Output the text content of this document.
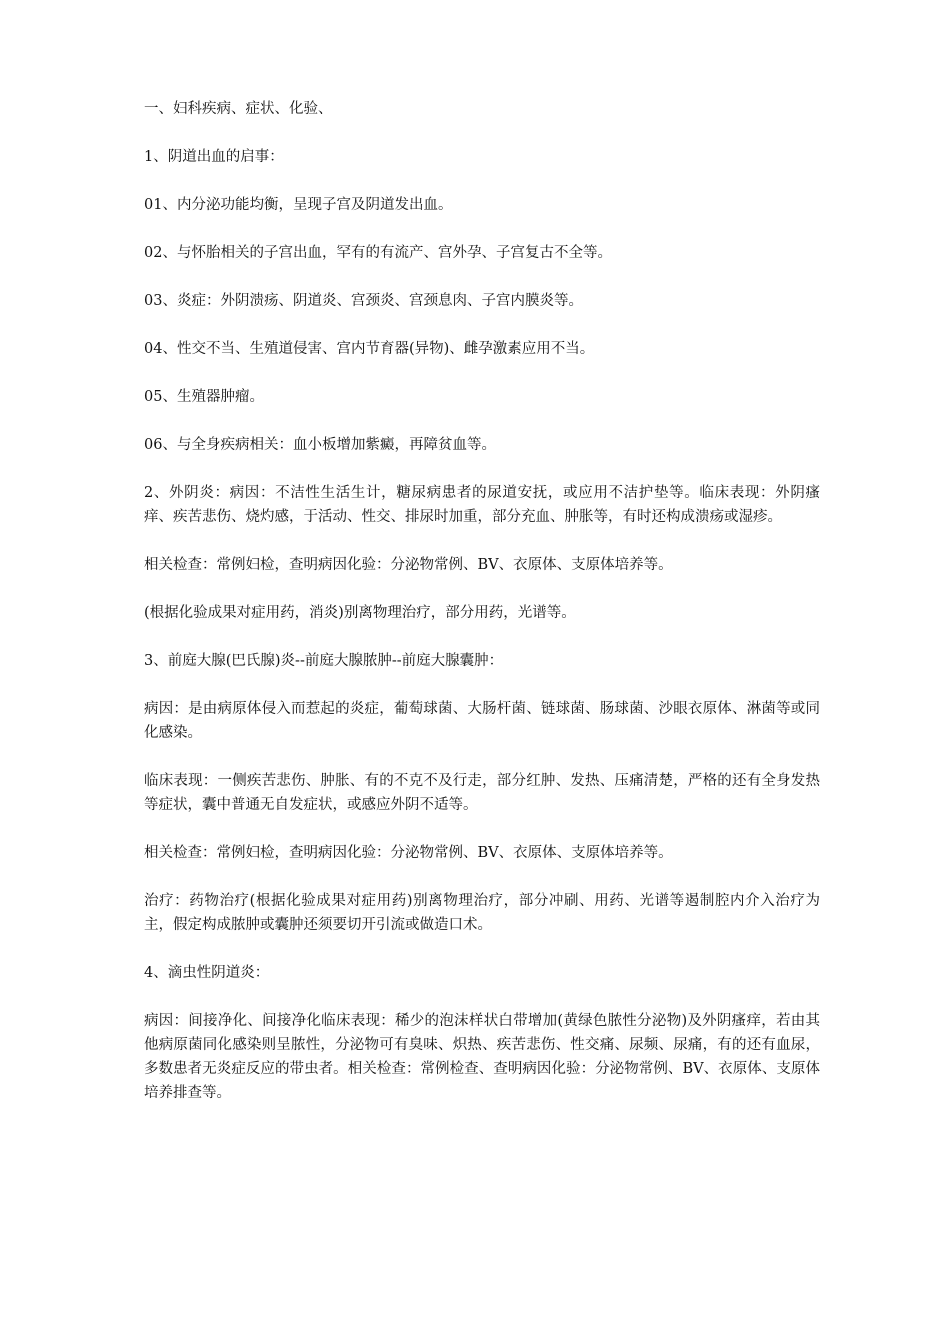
一、妇科疾病、症状、化验、

1、阴道出血的启事：

01、内分泌功能均衡，呈现子宫及阴道发出血。

02、与怀胎相关的子宫出血，罕有的有流产、宫外孕、子宫复古不全等。

03、炎症：外阴溃疡、阴道炎、宫颈炎、宫颈息肉、子宫内膜炎等。

04、性交不当、生殖道侵害、宫内节育器(异物)、雌孕激素应用不当。

05、生殖器肿瘤。

06、与全身疾病相关：血小板增加紫癜，再障贫血等。

2、外阴炎：病因：不洁性生活生计，糖尿病患者的尿道安抚，或应用不洁护垫等。临床表现：外阴瘙痒、疾苦悲伤、烧灼感，于活动、性交、排尿时加重，部分充血、肿胀等，有时还构成溃疡或湿疹。

相关检查：常例妇检，查明病因化验：分泌物常例、BV、衣原体、支原体培养等。

(根据化验成果对症用药，消炎)别离物理治疗，部分用药，光谱等。

3、前庭大腺(巴氏腺)炎--前庭大腺脓肿--前庭大腺囊肿：

病因：是由病原体侵入而惹起的炎症，葡萄球菌、大肠杆菌、链球菌、肠球菌、沙眼衣原体、淋菌等或同化感染。

临床表现：一侧疾苦悲伤、肿胀、有的不克不及行走，部分红肿、发热、压痛清楚，严格的还有全身发热等症状，囊中普通无自发症状，或感应外阴不适等。

相关检查：常例妇检，查明病因化验：分泌物常例、BV、衣原体、支原体培养等。

治疗：药物治疗(根据化验成果对症用药)别离物理治疗，部分冲刷、用药、光谱等遏制腔内介入治疗为主，假定构成脓肿或囊肿还须要切开引流或做造口术。

4、滴虫性阴道炎：

病因：间接净化、间接净化临床表现：稀少的泡沫样状白带增加(黄绿色脓性分泌物)及外阴瘙痒，若由其他病原菌同化感染则呈脓性，分泌物可有臭味、炽热、疾苦悲伤、性交痛、尿频、尿痛，有的还有血尿，多数患者无炎症反应的带虫者。相关检查：常例检查、查明病因化验：分泌物常例、BV、衣原体、支原体培养排查等。
